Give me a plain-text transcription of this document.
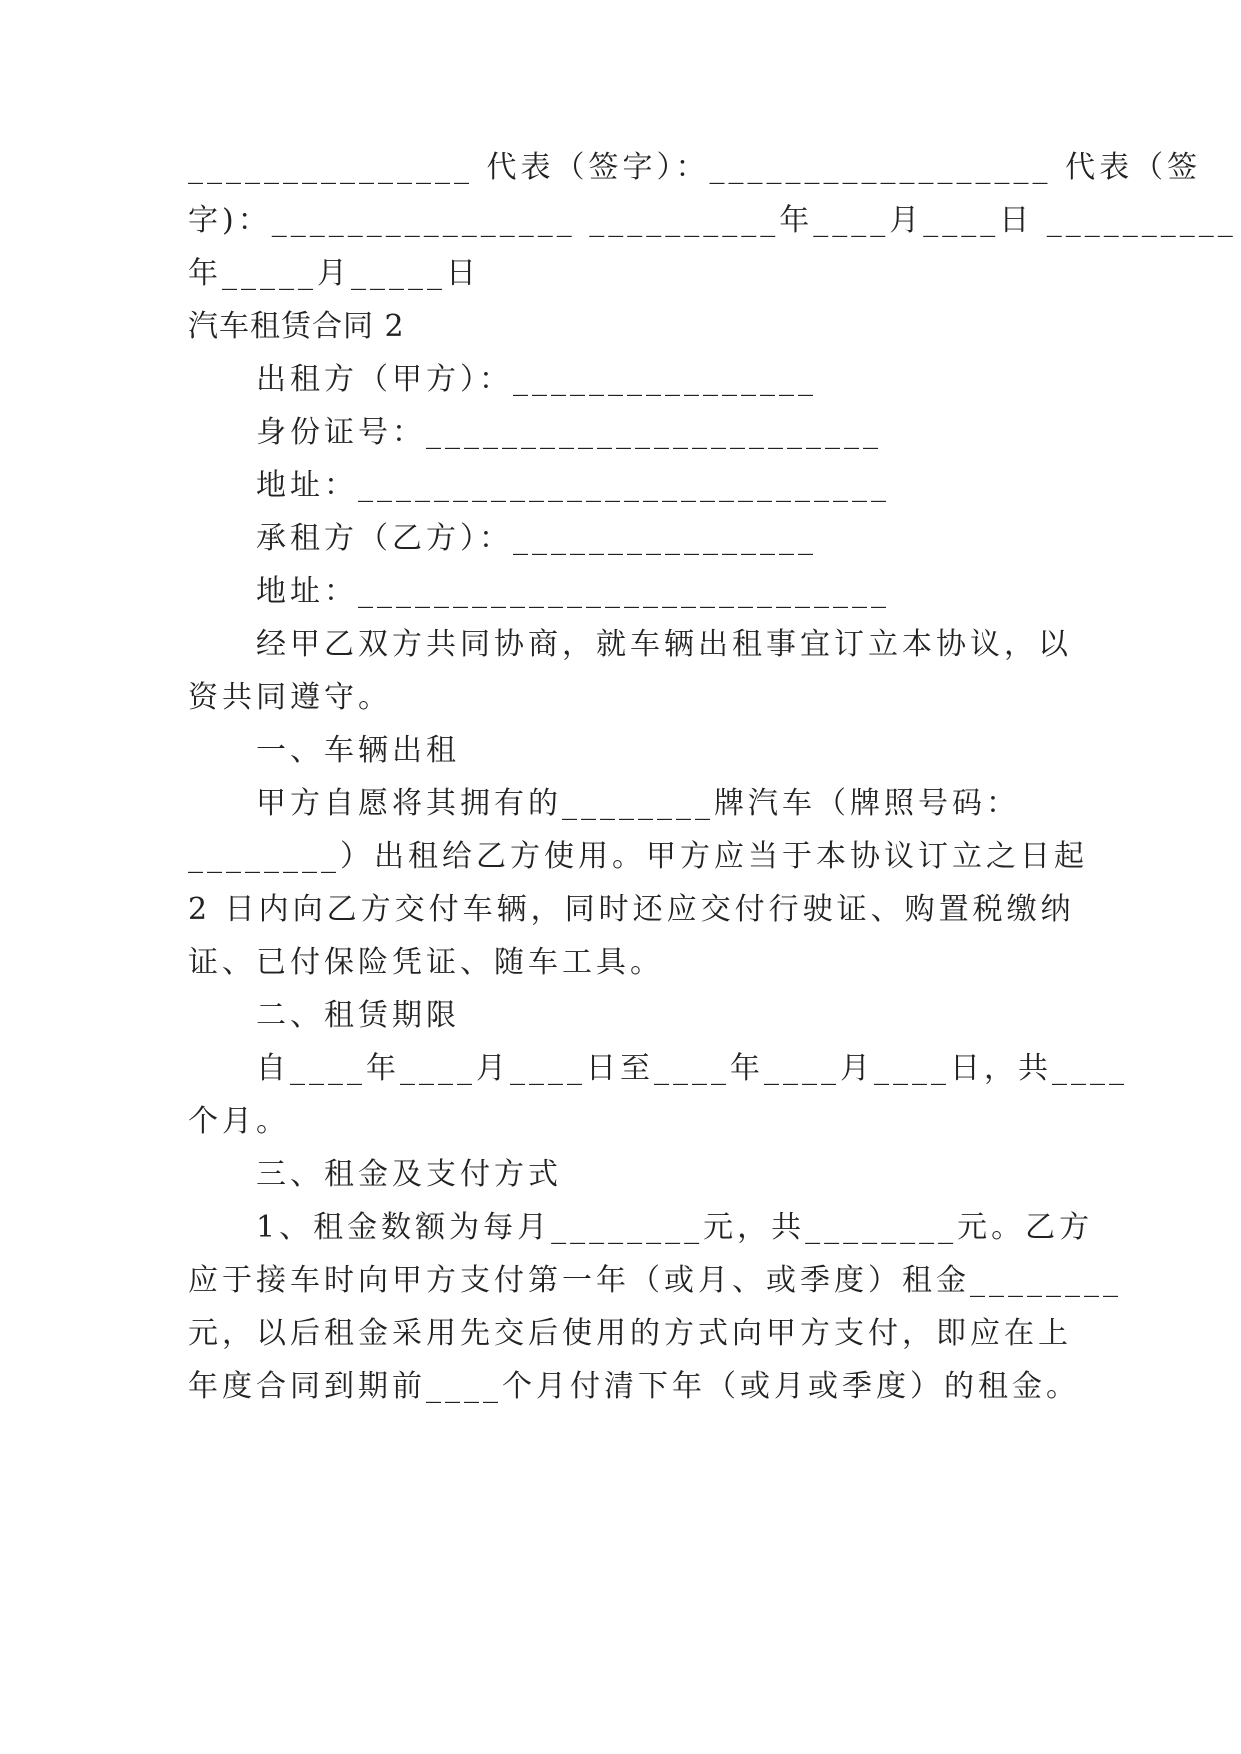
_______________ 代表（签字）：__________________ 代表（签
字)：________________ __________年____月____日 __________
年_____月_____日
汽车租赁合同 2
出租方（甲方）：________________
身份证号：________________________
地址：____________________________
承租方（乙方）：________________
地址：____________________________
经甲乙双方共同协商，就车辆出租事宜订立本协议，以
资共同遵守。
一、车辆出租
甲方自愿将其拥有的________牌汽车（牌照号码：
________）出租给乙方使用。甲方应当于本协议订立之日起
2 日内向乙方交付车辆，同时还应交付行驶证、购置税缴纳
证、已付保险凭证、随车工具。
二、租赁期限
自____年____月____日至____年____月____日，共____
个月。
三、租金及支付方式
1、租金数额为每月________元，共________元。乙方
应于接车时向甲方支付第一年（或月、或季度）租金________
元，以后租金采用先交后使用的方式向甲方支付，即应在上
年度合同到期前____个月付清下年（或月或季度）的租金。
